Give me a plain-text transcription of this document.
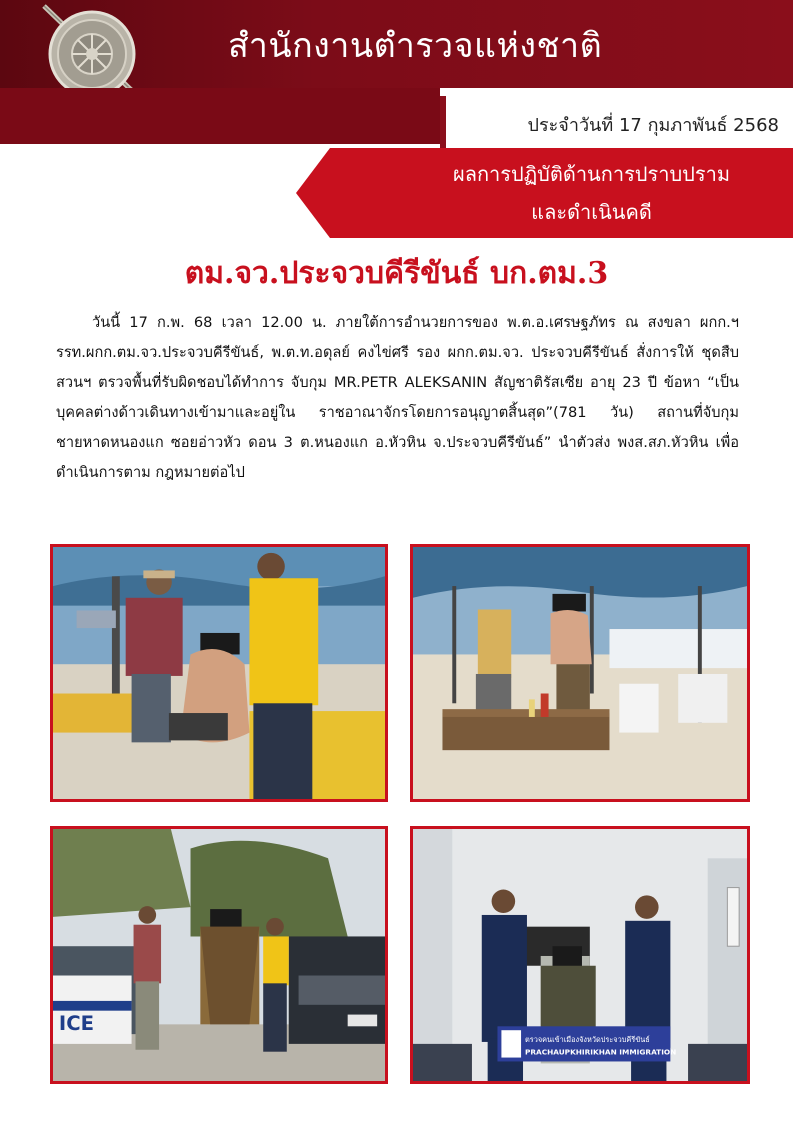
สำนักงานตำรวจแห่งชาติ
ประจำวันที่ 17 กุมภาพันธ์ 2568
ผลการปฏิบัติด้านการปราบปราม
และดำเนินคดี
ตม.จว.ประจวบคีรีขันธ์ บก.ตม.3
วันนี้ 17 ก.พ. 68 เวลา 12.00 น. ภายใต้การอำนวยการของ พ.ต.อ.เศรษฐภัทร ณ สงขลา ผกก.ฯ รรท.ผกก.ตม.จว.ประจวบคีรีขันธ์, พ.ต.ท.อดุลย์ คงไข่ศรี รอง ผกก.ตม.จว. ประจวบคีรีขันธ์ สั่งการให้ ชุดสืบสวนฯ ตรวจพื้นที่รับผิดชอบได้ทำการ จับกุม MR.PETR ALEKSANIN สัญชาติรัสเซีย อายุ 23 ปี ข้อหา “เป็นบุคคลต่างด้าวเดินทางเข้ามาและอยู่ใน ราชอาณาจักรโดยการอนุญาตสิ้นสุด”(781 วัน) สถานที่จับกุม ชายหาดหนองแก ซอยอ่าวหัว ดอน 3 ต.หนองแก อ.หัวหิน จ.ประจวบคีรีขันธ์” นำตัวส่ง พงส.สภ.หัวหิน เพื่อดำเนินการตาม กฎหมายต่อไป
ICE
ตรวจคนเข้าเมืองจังหวัดประจวบคีรีขันธ์
PRACHAUPKHIRIKHAN IMMIGRATION
